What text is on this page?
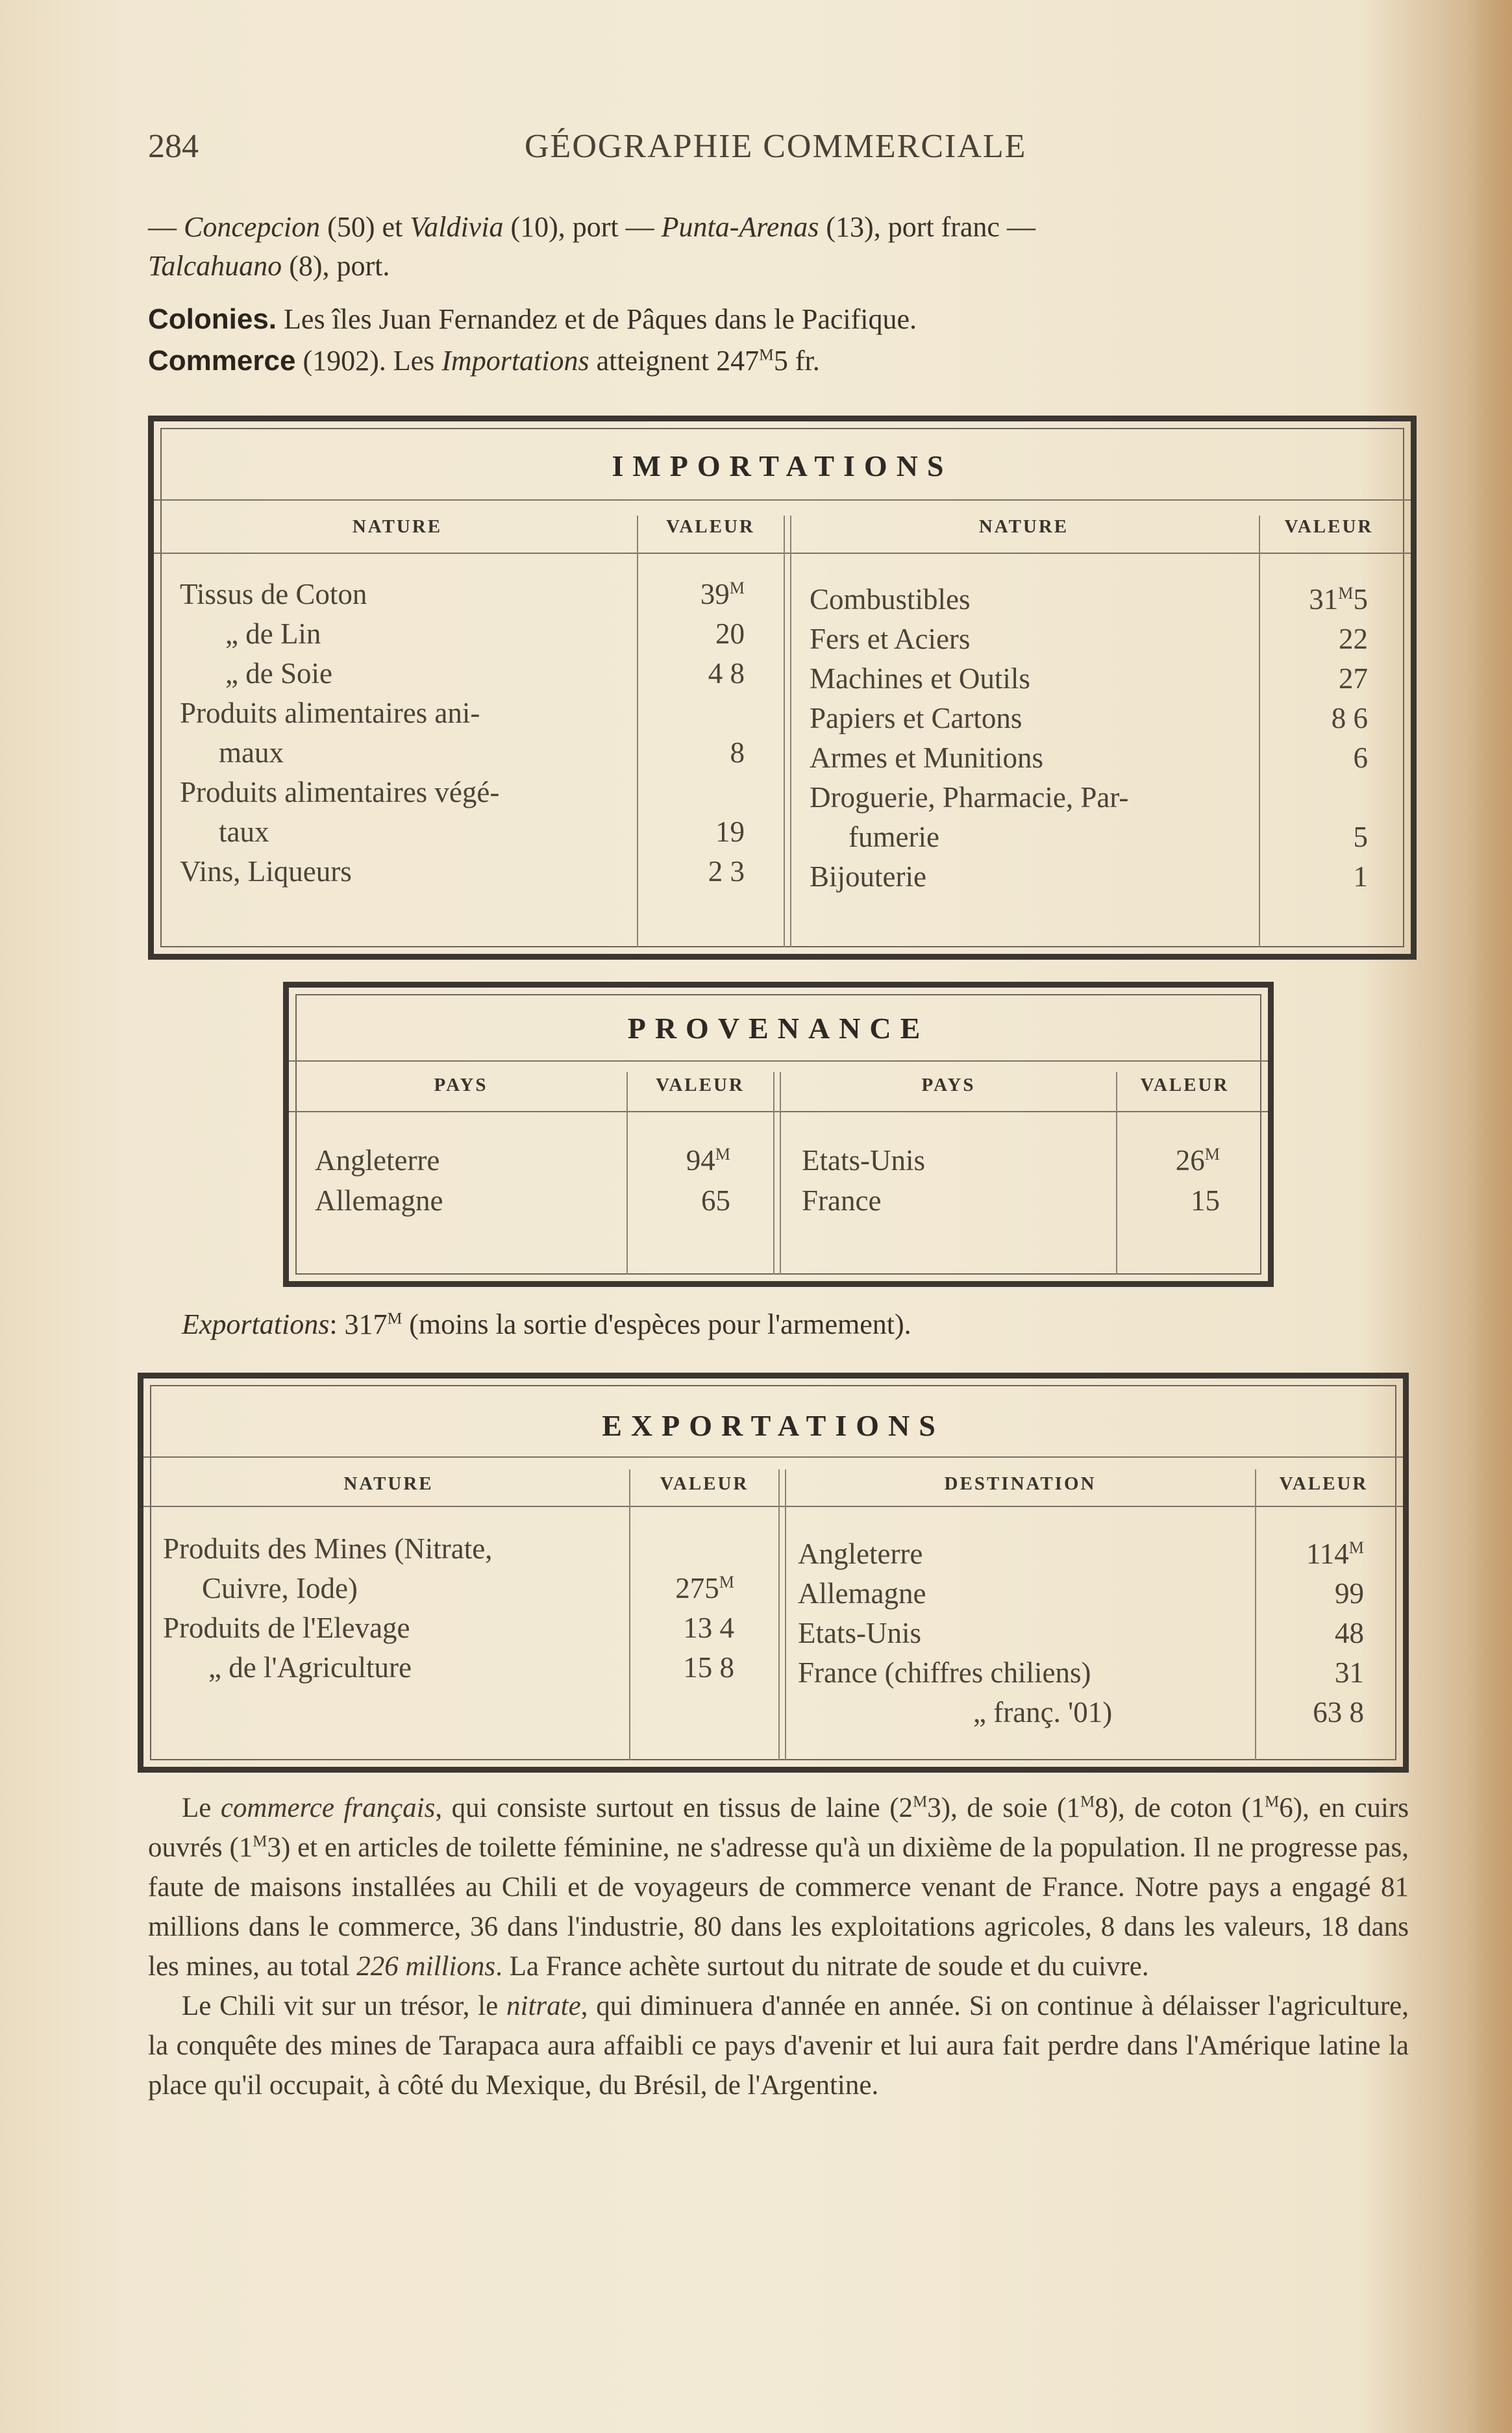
284	GÉOGRAPHIE COMMERCIALE
— Concepcion (50) et Valdivia (10), port — Punta-Arenas (13), port franc —
Talcahuano (8), port.
Colonies. Les îles Juan Fernandez et de Pâques dans le Pacifique.
Commerce (1902). Les Importations atteignent $247^M5$ fr.
IMPORTATIONS
NATURE	VALEUR	NATURE	VALEUR
Tissus de Coton	$39^M$
„ de Lin	20
„ de Soie	4 8
Produits alimentaires ani-
maux	8
Produits alimentaires végé-
taux	19
Vins, Liqueurs	2 3
Combustibles	$31^M5$
Fers et Aciers	22
Machines et Outils	27
Papiers et Cartons	8 6
Armes et Munitions	6
Droguerie, Pharmacie, Par-
fumerie	5
Bijouterie	1
PROVENANCE
PAYS	VALEUR	PAYS	VALEUR
Angleterre	$94^M$ Etats-Unis	$26^M$
Allemagne	65 France	15
Exportations: $317^M$ (moins la sortie d'espèces pour l'armement).
EXPORTATIONS
NATURE	VALEUR	DESTINATION	VALEUR
Produits des Mines (Nitrate,
Cuivre, Iode)	$275^M$
Produits de l'Elevage	13 4
„ de l'Agriculture	15 8
Angleterre	$114^M$
Allemagne	99
Etats-Unis	48
France (chiffres chiliens)	31
„ franç. '01)	63 8

Le commerce français, qui consiste surtout en tissus de laine $(2^M3)$, de soie $(1^M8)$, de coton $(1^M6)$, en cuirs ouvrés $(1^M3)$ et en articles de toilette féminine, ne s'adresse qu'à un dixième de la population. Il ne progresse pas, faute de maisons installées au Chili et de voyageurs de commerce venant de France. Notre pays a engagé 81 millions dans le commerce, 36 dans l'industrie, 80 dans les exploitations agricoles, 8 dans les valeurs, 18 dans les mines, au total 226 millions. La France achète surtout du nitrate de soude et du cuivre.

Le Chili vit sur un trésor, le nitrate, qui diminuera d'année en année. Si on continue à délaisser l'agriculture, la conquête des mines de Tarapaca aura affaibli ce pays d'avenir et lui aura fait perdre dans l'Amérique latine la place qu'il occupait, à côté du Mexique, du Brésil, de l'Argentine.
